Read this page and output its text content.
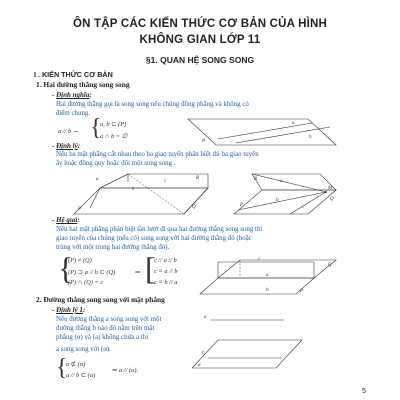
ÔN TẬP CÁC KIẾN THỨC CƠ BẢN CỦA HÌNH
KHÔNG GIAN LỚP 11
§1. QUAN HỆ SONG SONG
I . KIẾN THỨC CƠ BẢN
1. Hai đường thẳng song song
- Định nghĩa:
Hai đường thẳng gọi là song song nếu chúng đồng phẳng và không có
điểm chung.
a // b ⇔ {
a, b ⊂ (P)
a ∩ b = ∅
a
b
P
- Định lý:
Nếu ba mặt phẳng cắt nhau theo ba giao tuyến phân biệt thì ba giao tuyến
ấy hoặc đồng quy hoặc đôi một song song .
a
b
c
R
P	Q
a
b
c
M
R
P
Q
- Hệ quả:
Nếu hai mặt phẳng phân biệt lần lượt đi qua hai đường thẳng song song thì
giao tuyến của chúng (nếu có) song song với hai đường thẳng đó (hoặc
trùng với một trong hai đường thẳng đó).
{
(P) ≠ (Q)
(P) ⊃ a // b ⊂ (Q)
(P) ∩ (Q) = c
⇒ [
c // a // b
c ≡ a // b
c ≡ b // a
c
a
b
Q
P
2. Đường thẳng song song với mặt phẳng
- Định lý 1:
Nếu đường thẳng a song song với một
đường thẳng b nào đó nằm trên mặt
phẳng (α) và (a) không chứa a thì
a song song với (α).
{
a ⊄ (α)
a // b ⊂ (α)
⇒ a // (α).
a
b
α
5
